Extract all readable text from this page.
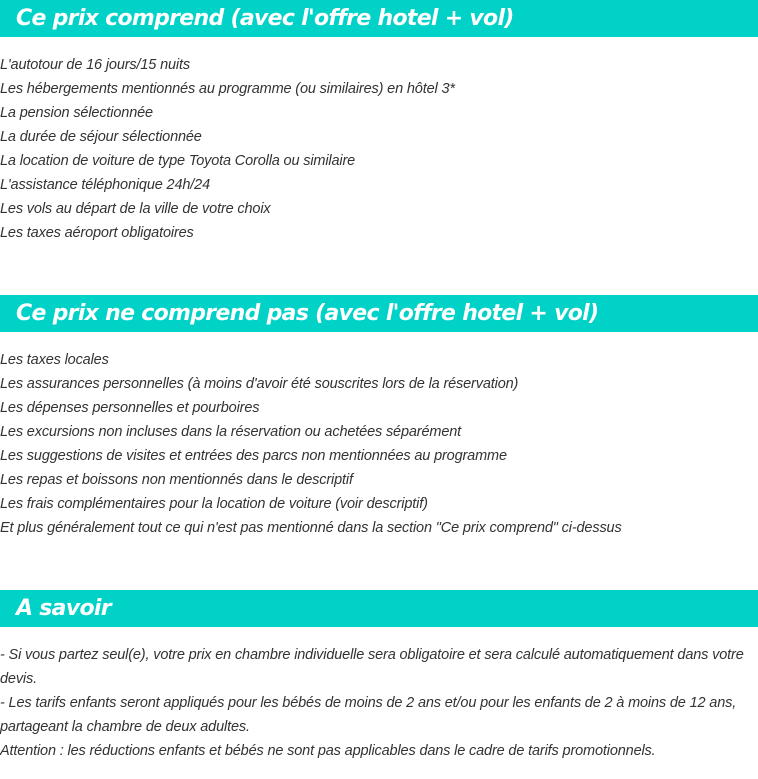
Ce prix comprend (avec l'offre hotel + vol)
L'autotour de 16 jours/15 nuits
Les hébergements mentionnés au programme (ou similaires) en hôtel 3*
La pension sélectionnée
La durée de séjour sélectionnée
La location de voiture de type Toyota Corolla ou similaire
L'assistance téléphonique 24h/24
Les vols au départ de la ville de votre choix
Les taxes aéroport obligatoires
Ce prix ne comprend pas (avec l'offre hotel + vol)
Les taxes locales
Les assurances personnelles (à moins d'avoir été souscrites lors de la réservation)
Les dépenses personnelles et pourboires
Les excursions non incluses dans la réservation ou achetées séparément
Les suggestions de visites et entrées des parcs non mentionnées au programme
Les repas et boissons non mentionnés dans le descriptif
Les frais complémentaires pour la location de voiture (voir descriptif)
Et plus généralement tout ce qui n'est pas mentionné dans la section "Ce prix comprend" ci-dessus
A savoir

- Si vous partez seul(e), votre prix en chambre individuelle sera obligatoire et sera calculé automatiquement dans votre devis.

- Les tarifs enfants seront appliqués pour les bébés de moins de 2 ans et/ou pour les enfants de 2 à moins de 12 ans, partageant la chambre de deux adultes.

Attention : les réductions enfants et bébés ne sont pas applicables dans le cadre de tarifs promotionnels.
